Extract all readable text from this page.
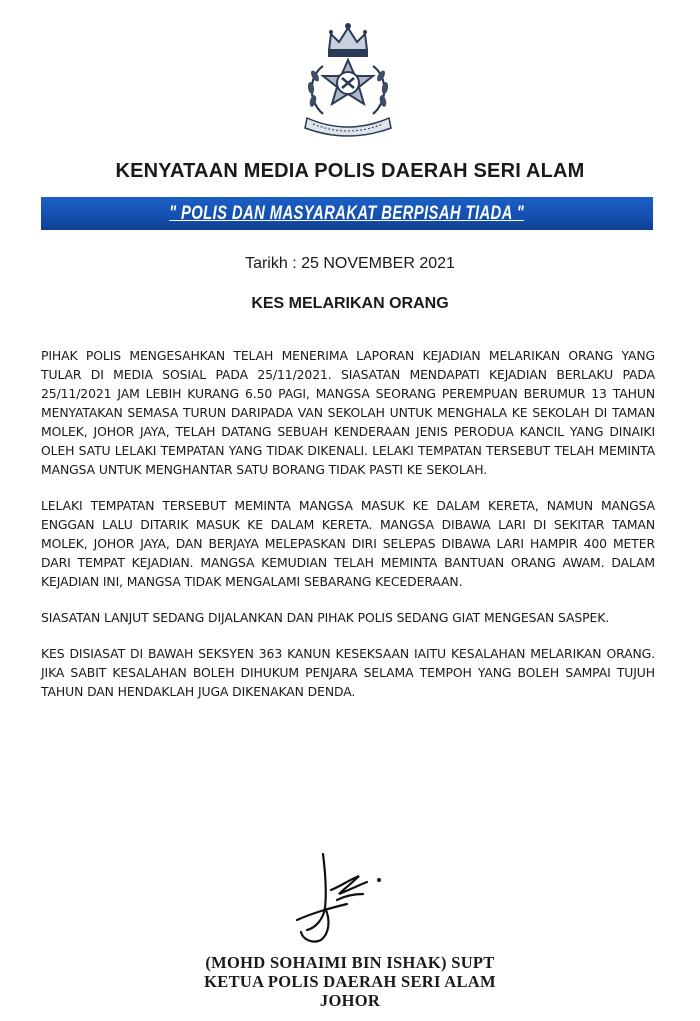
KENYATAAN MEDIA POLIS DAERAH SERI ALAM
" POLIS DAN MASYARAKAT BERPISAH TIADA "
Tarikh : 25 NOVEMBER 2021
KES MELARIKAN ORANG

PIHAK POLIS MENGESAHKAN TELAH MENERIMA LAPORAN KEJADIAN MELARIKAN ORANG YANG TULAR DI MEDIA SOSIAL PADA 25/11/2021. SIASATAN MENDAPATI KEJADIAN BERLAKU PADA 25/11/2021 JAM LEBIH KURANG 6.50 PAGI, MANGSA SEORANG PEREMPUAN BERUMUR 13 TAHUN MENYATAKAN SEMASA TURUN DARIPADA VAN SEKOLAH UNTUK MENGHALA KE SEKOLAH DI TAMAN MOLEK, JOHOR JAYA, TELAH DATANG SEBUAH KENDERAAN JENIS PERODUA KANCIL YANG DINAIKI OLEH SATU LELAKI TEMPATAN YANG TIDAK DIKENALI. LELAKI TEMPATAN TERSEBUT TELAH MEMINTA MANGSA UNTUK MENGHANTAR SATU BORANG TIDAK PASTI KE SEKOLAH.

LELAKI TEMPATAN TERSEBUT MEMINTA MANGSA MASUK KE DALAM KERETA, NAMUN MANGSA ENGGAN LALU DITARIK MASUK KE DALAM KERETA. MANGSA DIBAWA LARI DI SEKITAR TAMAN MOLEK, JOHOR JAYA, DAN BERJAYA MELEPASKAN DIRI SELEPAS DIBAWA LARI HAMPIR 400 METER DARI TEMPAT KEJADIAN. MANGSA KEMUDIAN TELAH MEMINTA BANTUAN ORANG AWAM. DALAM KEJADIAN INI, MANGSA TIDAK MENGALAMI SEBARANG KECEDERAAN.

SIASATAN LANJUT SEDANG DIJALANKAN DAN PIHAK POLIS SEDANG GIAT MENGESAN SASPEK.

KES DISIASAT DI BAWAH SEKSYEN 363 KANUN KESEKSAAN IAITU KESALAHAN MELARIKAN ORANG. JIKA SABIT KESALAHAN BOLEH DIHUKUM PENJARA SELAMA TEMPOH YANG BOLEH SAMPAI TUJUH TAHUN DAN HENDAKLAH JUGA DIKENAKAN DENDA.

(MOHD SOHAIMI BIN ISHAK) SUPT
KETUA POLIS DAERAH SERI ALAM
JOHOR
